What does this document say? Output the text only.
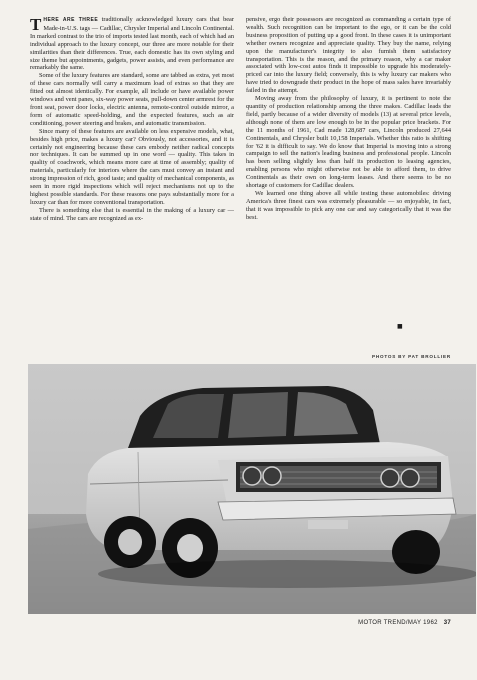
THERE ARE THREE traditionally acknowledged luxury cars that bear Made-in-U.S. tags — Cadillac, Chrysler Imperial and Lincoln Continental. In marked contrast to the trio of imports tested last month, each of which had an individual approach to the luxury concept, our three are more notable for their similarities than their differences. True, each domestic has its own styling and size theme but appointments, gadgets, power assists, and even performance are remarkably the same.

Some of the luxury features are standard, some are tabbed as extra, yet most of these cars normally will carry a maximum load of extras so that they are fitted out almost identically. For example, all include or have available power windows and vent panes, six-way power seats, pull-down center armrest for the front seat, power door locks, electric antenna, remote-control outside mirror, a form of automatic speed-holding, and the expected features, such as air conditioning, power steering and brakes, and automatic transmission.

Since many of these features are available on less expensive models, what, besides high price, makes a luxury car? Obviously, not accessories, and it is certainly not engineering because these cars embody neither radical concepts nor techniques. It can be summed up in one word — quality. This takes in quality of coachwork, which means more care at time of assembly; quality of materials, particularly for interiors where the cars must convey an instant and strong impression of rich, good taste; and quality of mechanical components, as seen in more rigid inspections which will reject mechanisms not up to the highest possible standards. For these reasons one pays substantially more for a luxury car than for more conventional transportation.

There is something else that is essential in the making of a luxury car — state of mind. The cars are recognized as ex-

pensive, ergo their possessors are recognized as commanding a certain type of wealth. Such recognition can be important to the ego, or it can be the cold business proposition of putting up a good front. In these cases it is unimportant whether owners recognize and appreciate quality. They buy the name, relying upon the manufacturer's integrity to also furnish them satisfactory transportation. This is the reason, and the primary reason, why a car maker associated with low-cost autos finds it impossible to upgrade his moderately-priced car into the luxury field; conversely, this is why luxury car makers who have tried to downgrade their product in the hope of mass sales have invariably failed in the attempt.

Moving away from the philosophy of luxury, it is pertinent to note the quantity of production relationship among the three makes. Cadillac leads the field, partly because of a wider diversity of models (13) at several price levels, although none of them are low enough to be in the popular price brackets. For the 11 months of 1961, Cad made 128,687 cars, Lincoln produced 27,644 Continentals, and Chrysler built 10,158 Imperials. Whether this ratio is shifting for '62 it is difficult to say. We do know that Imperial is moving into a strong campaign to sell the nation's leading business and professional people. Lincoln has been selling slightly less than half its production to leasing agencies, enabling persons who might otherwise not be able to afford them, to drive Continentals as their own on long-term leases. And there seems to be no shortage of customers for Cadillac dealers.

We learned one thing above all while testing these automobiles: driving America's three finest cars was extremely pleasurable — so enjoyable, in fact, that it was impossible to pick any one car and say categorically that it was the best.

■
PHOTOS BY PAT BROLLIER
MOTOR TREND/MAY 1962 37
